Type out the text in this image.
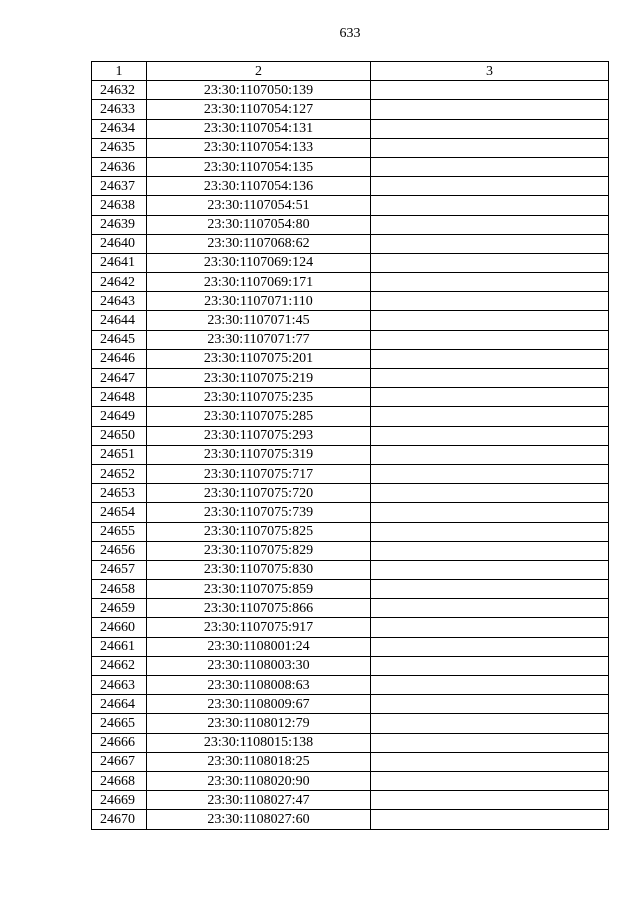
633
1	2	3
24632	23:30:1107050:139	
24633	23:30:1107054:127	
24634	23:30:1107054:131	
24635	23:30:1107054:133	
24636	23:30:1107054:135	
24637	23:30:1107054:136	
24638	23:30:1107054:51	
24639	23:30:1107054:80	
24640	23:30:1107068:62	
24641	23:30:1107069:124	
24642	23:30:1107069:171	
24643	23:30:1107071:110	
24644	23:30:1107071:45	
24645	23:30:1107071:77	
24646	23:30:1107075:201	
24647	23:30:1107075:219	
24648	23:30:1107075:235	
24649	23:30:1107075:285	
24650	23:30:1107075:293	
24651	23:30:1107075:319	
24652	23:30:1107075:717	
24653	23:30:1107075:720	
24654	23:30:1107075:739	
24655	23:30:1107075:825	
24656	23:30:1107075:829	
24657	23:30:1107075:830	
24658	23:30:1107075:859	
24659	23:30:1107075:866	
24660	23:30:1107075:917	
24661	23:30:1108001:24	
24662	23:30:1108003:30	
24663	23:30:1108008:63	
24664	23:30:1108009:67	
24665	23:30:1108012:79	
24666	23:30:1108015:138	
24667	23:30:1108018:25	
24668	23:30:1108020:90	
24669	23:30:1108027:47	
24670	23:30:1108027:60	
